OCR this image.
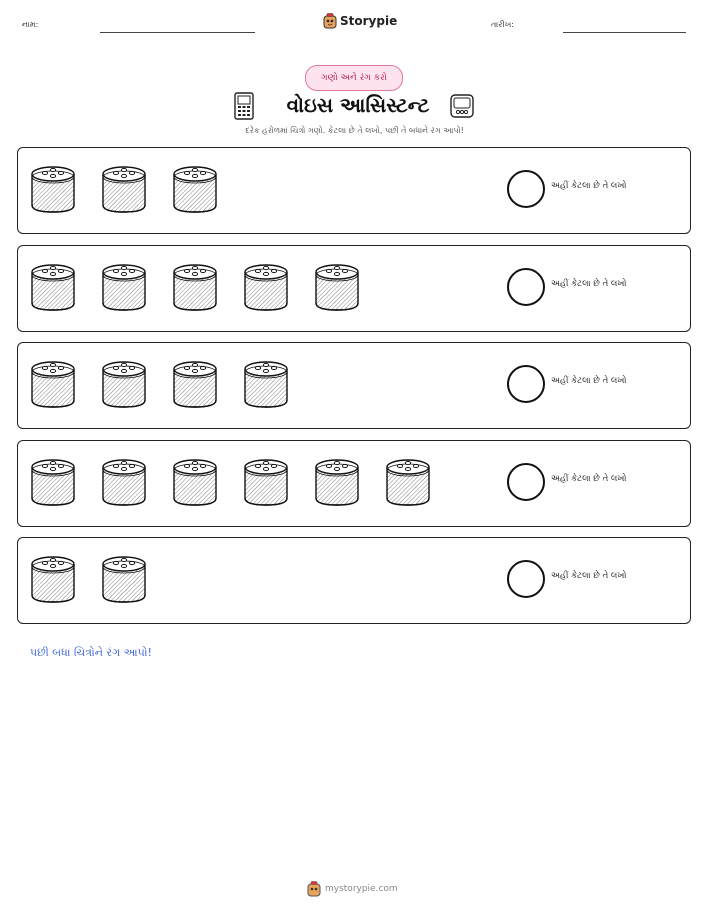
નામ:	Storypie	તારીખ:
ગણો અને રંગ કરો
વોઇસ આસિસ્ટન્ટ
દરેક હરોળમાં ચિત્રો ગણો. કેટલા છે તે લખો, પછી તે બધાને રંગ આપો!
અહીં કેટલા છે તે લખો
અહીં કેટલા છે તે લખો
અહીં કેટલા છે તે લખો
અહીં કેટલા છે તે લખો
અહીં કેટલા છે તે લખો
પછી બધા ચિત્રોને રંગ આપો!
mystorypie.com
